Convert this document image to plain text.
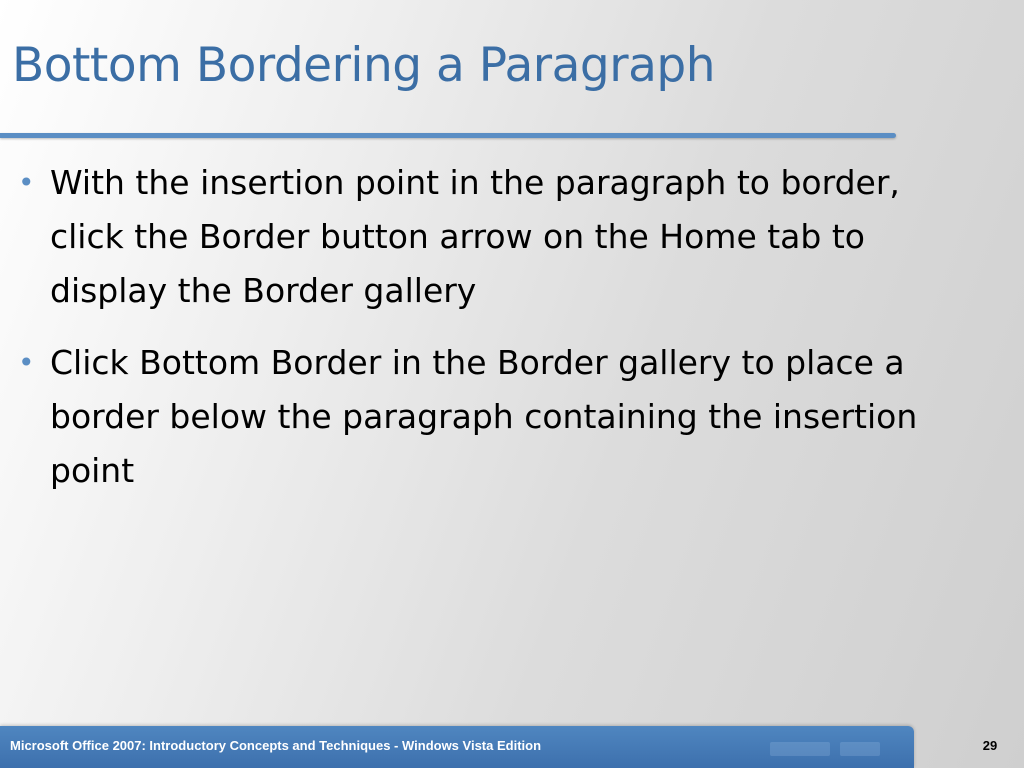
Bottom Bordering a Paragraph
• With the insertion point in the paragraph to border, click the Border button arrow on the Home tab to display the Border gallery
• Click Bottom Border in the Border gallery to place a border below the paragraph containing the insertion point
Microsoft Office 2007: Introductory Concepts and Techniques - Windows Vista Edition	29
